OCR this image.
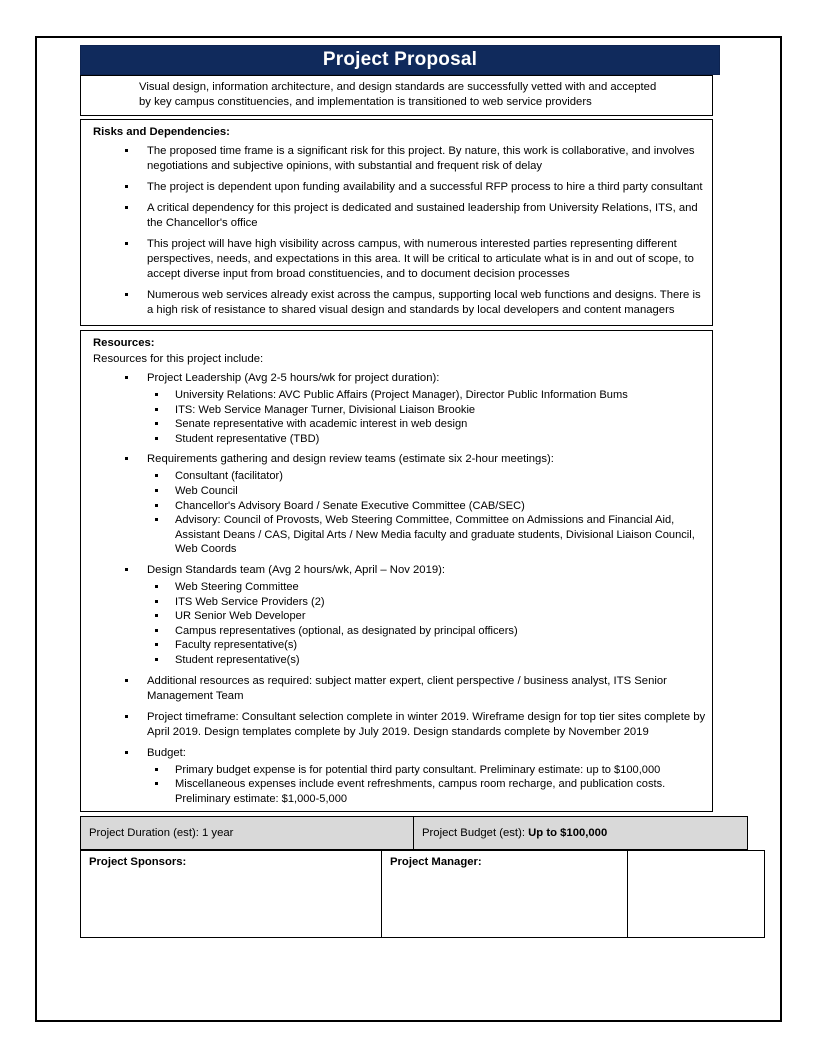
Project Proposal
Visual design, information architecture, and design standards are successfully vetted with and accepted
by key campus constituencies, and implementation is transitioned to web service providers
Risks and Dependencies:
The proposed time frame is a significant risk for this project. By nature, this work is collaborative, and involves negotiations and subjective opinions, with substantial and frequent risk of delay
The project is dependent upon funding availability and a successful RFP process to hire a third party consultant
A critical dependency for this project is dedicated and sustained leadership from University Relations, ITS, and the Chancellor's office
This project will have high visibility across campus, with numerous interested parties representing different perspectives, needs, and expectations in this area. It will be critical to articulate what is in and out of scope, to accept diverse input from broad constituencies, and to document decision processes
Numerous web services already exist across the campus, supporting local web functions and designs. There is a high risk of resistance to shared visual design and standards by local developers and content managers
Resources:
Resources for this project include:
Project Leadership (Avg 2-5 hours/wk for project duration):
University Relations: AVC Public Affairs (Project Manager), Director Public Information Bums
ITS: Web Service Manager Turner, Divisional Liaison Brookie
Senate representative with academic interest in web design
Student representative (TBD)
Requirements gathering and design review teams (estimate six 2-hour meetings):
Consultant (facilitator)
Web Council
Chancellor's Advisory Board / Senate Executive Committee (CAB/SEC)
Advisory: Council of Provosts, Web Steering Committee, Committee on Admissions and Financial Aid, Assistant Deans / CAS, Digital Arts / New Media faculty and graduate students, Divisional Liaison Council, Web Coords
Design Standards team (Avg 2 hours/wk, April – Nov 2019):
Web Steering Committee
ITS Web Service Providers (2)
UR Senior Web Developer
Campus representatives (optional, as designated by principal officers)
Faculty representative(s)
Student representative(s)
Additional resources as required: subject matter expert, client perspective / business analyst, ITS Senior Management Team
Project timeframe: Consultant selection complete in winter 2019. Wireframe design for top tier sites complete by April 2019. Design templates complete by July 2019. Design standards complete by November 2019
Budget:
Primary budget expense is for potential third party consultant. Preliminary estimate: up to $100,000
Miscellaneous expenses include event refreshments, campus room recharge, and publication costs. Preliminary estimate: $1,000-5,000
Project Duration (est): 1 year	Project Budget (est): Up to $100,000
Project Sponsors:	Project Manager:	
